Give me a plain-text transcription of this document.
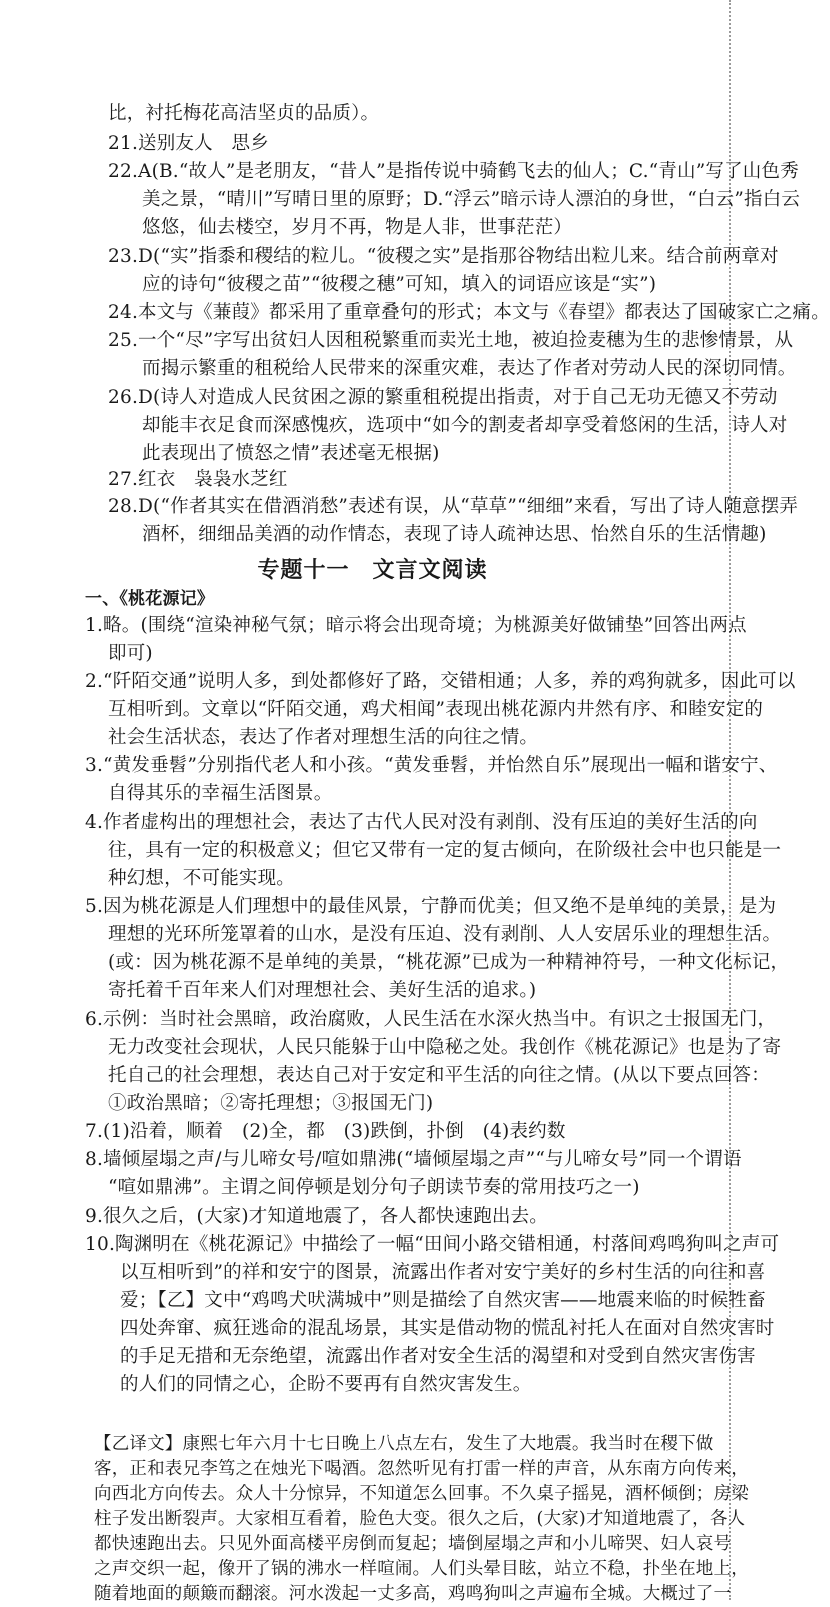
比，衬托梅花高洁坚贞的品质）。
21.送别友人　思乡
22.A(B.“故人”是老朋友，“昔人”是指传说中骑鹤飞去的仙人；C.“青山”写了山色秀
美之景，“晴川”写晴日里的原野；D.“浮云”暗示诗人漂泊的身世，“白云”指白云
悠悠，仙去楼空，岁月不再，物是人非，世事茫茫）
23.D(“实”指黍和稷结的粒儿。“彼稷之实”是指那谷物结出粒儿来。结合前两章对
应的诗句“彼稷之苗”“彼稷之穗”可知，填入的词语应该是“实”)
24.本文与《蒹葭》都采用了重章叠句的形式；本文与《春望》都表达了国破家亡之痛。
25.一个“尽”字写出贫妇人因租税繁重而卖光土地，被迫捡麦穗为生的悲惨情景，从
而揭示繁重的租税给人民带来的深重灾难，表达了作者对劳动人民的深切同情。
26.D(诗人对造成人民贫困之源的繁重租税提出指责，对于自己无功无德又不劳动
却能丰衣足食而深感愧疚，选项中“如今的割麦者却享受着悠闲的生活，诗人对
此表现出了愤怒之情”表述毫无根据)
27.红衣　袅袅水芝红
28.D(“作者其实在借酒消愁”表述有误，从“草草”“细细”来看，写出了诗人随意摆弄
酒杯，细细品美酒的动作情态，表现了诗人疏神达思、怡然自乐的生活情趣)
专题十一　文言文阅读
一、《桃花源记》
1.略。(围绕“渲染神秘气氛；暗示将会出现奇境；为桃源美好做铺垫”回答出两点
即可)
2.“阡陌交通”说明人多，到处都修好了路，交错相通；人多，养的鸡狗就多，因此可以
互相听到。文章以“阡陌交通，鸡犬相闻”表现出桃花源内井然有序、和睦安定的
社会生活状态，表达了作者对理想生活的向往之情。
3.“黄发垂髫”分别指代老人和小孩。“黄发垂髫，并怡然自乐”展现出一幅和谐安宁、
自得其乐的幸福生活图景。
4.作者虚构出的理想社会，表达了古代人民对没有剥削、没有压迫的美好生活的向
往，具有一定的积极意义；但它又带有一定的复古倾向，在阶级社会中也只能是一
种幻想，不可能实现。
5.因为桃花源是人们理想中的最佳风景，宁静而优美；但又绝不是单纯的美景，是为
理想的光环所笼罩着的山水，是没有压迫、没有剥削、人人安居乐业的理想生活。
(或：因为桃花源不是单纯的美景，“桃花源”已成为一种精神符号，一种文化标记，
寄托着千百年来人们对理想社会、美好生活的追求。)
6.示例：当时社会黑暗，政治腐败，人民生活在水深火热当中。有识之士报国无门，
无力改变社会现状，人民只能躲于山中隐秘之处。我创作《桃花源记》也是为了寄
托自己的社会理想，表达自己对于安定和平生活的向往之情。(从以下要点回答：
①政治黑暗；②寄托理想；③报国无门)
7.(1)沿着，顺着　(2)全，都　(3)跌倒，扑倒　(4)表约数
8.墙倾屋塌之声/与儿啼女号/喧如鼎沸(“墙倾屋塌之声”“与儿啼女号”同一个谓语
“喧如鼎沸”。主谓之间停顿是划分句子朗读节奏的常用技巧之一)
9.很久之后，(大家)才知道地震了，各人都快速跑出去。
10.陶渊明在《桃花源记》中描绘了一幅“田间小路交错相通，村落间鸡鸣狗叫之声可
以互相听到”的祥和安宁的图景，流露出作者对安宁美好的乡村生活的向往和喜
爱；【乙】文中“鸡鸣犬吠满城中”则是描绘了自然灾害——地震来临的时候牲畜
四处奔窜、疯狂逃命的混乱场景，其实是借动物的慌乱衬托人在面对自然灾害时
的手足无措和无奈绝望，流露出作者对安全生活的渴望和对受到自然灾害伤害
的人们的同情之心，企盼不要再有自然灾害发生。
【乙译文】康熙七年六月十七日晚上八点左右，发生了大地震。我当时在稷下做
客，正和表兄李笃之在烛光下喝酒。忽然听见有打雷一样的声音，从东南方向传来，
向西北方向传去。众人十分惊异，不知道怎么回事。不久桌子摇晃，酒杯倾倒；房梁
柱子发出断裂声。大家相互看着，脸色大变。很久之后，(大家)才知道地震了，各人
都快速跑出去。只见外面高楼平房倒而复起；墙倒屋塌之声和小儿啼哭、妇人哀号
之声交织一起，像开了锅的沸水一样喧闹。人们头晕目眩，站立不稳，扑坐在地上，
随着地面的颠簸而翻滚。河水泼起一丈多高，鸡鸣狗叫之声遍布全城。大概过了一
